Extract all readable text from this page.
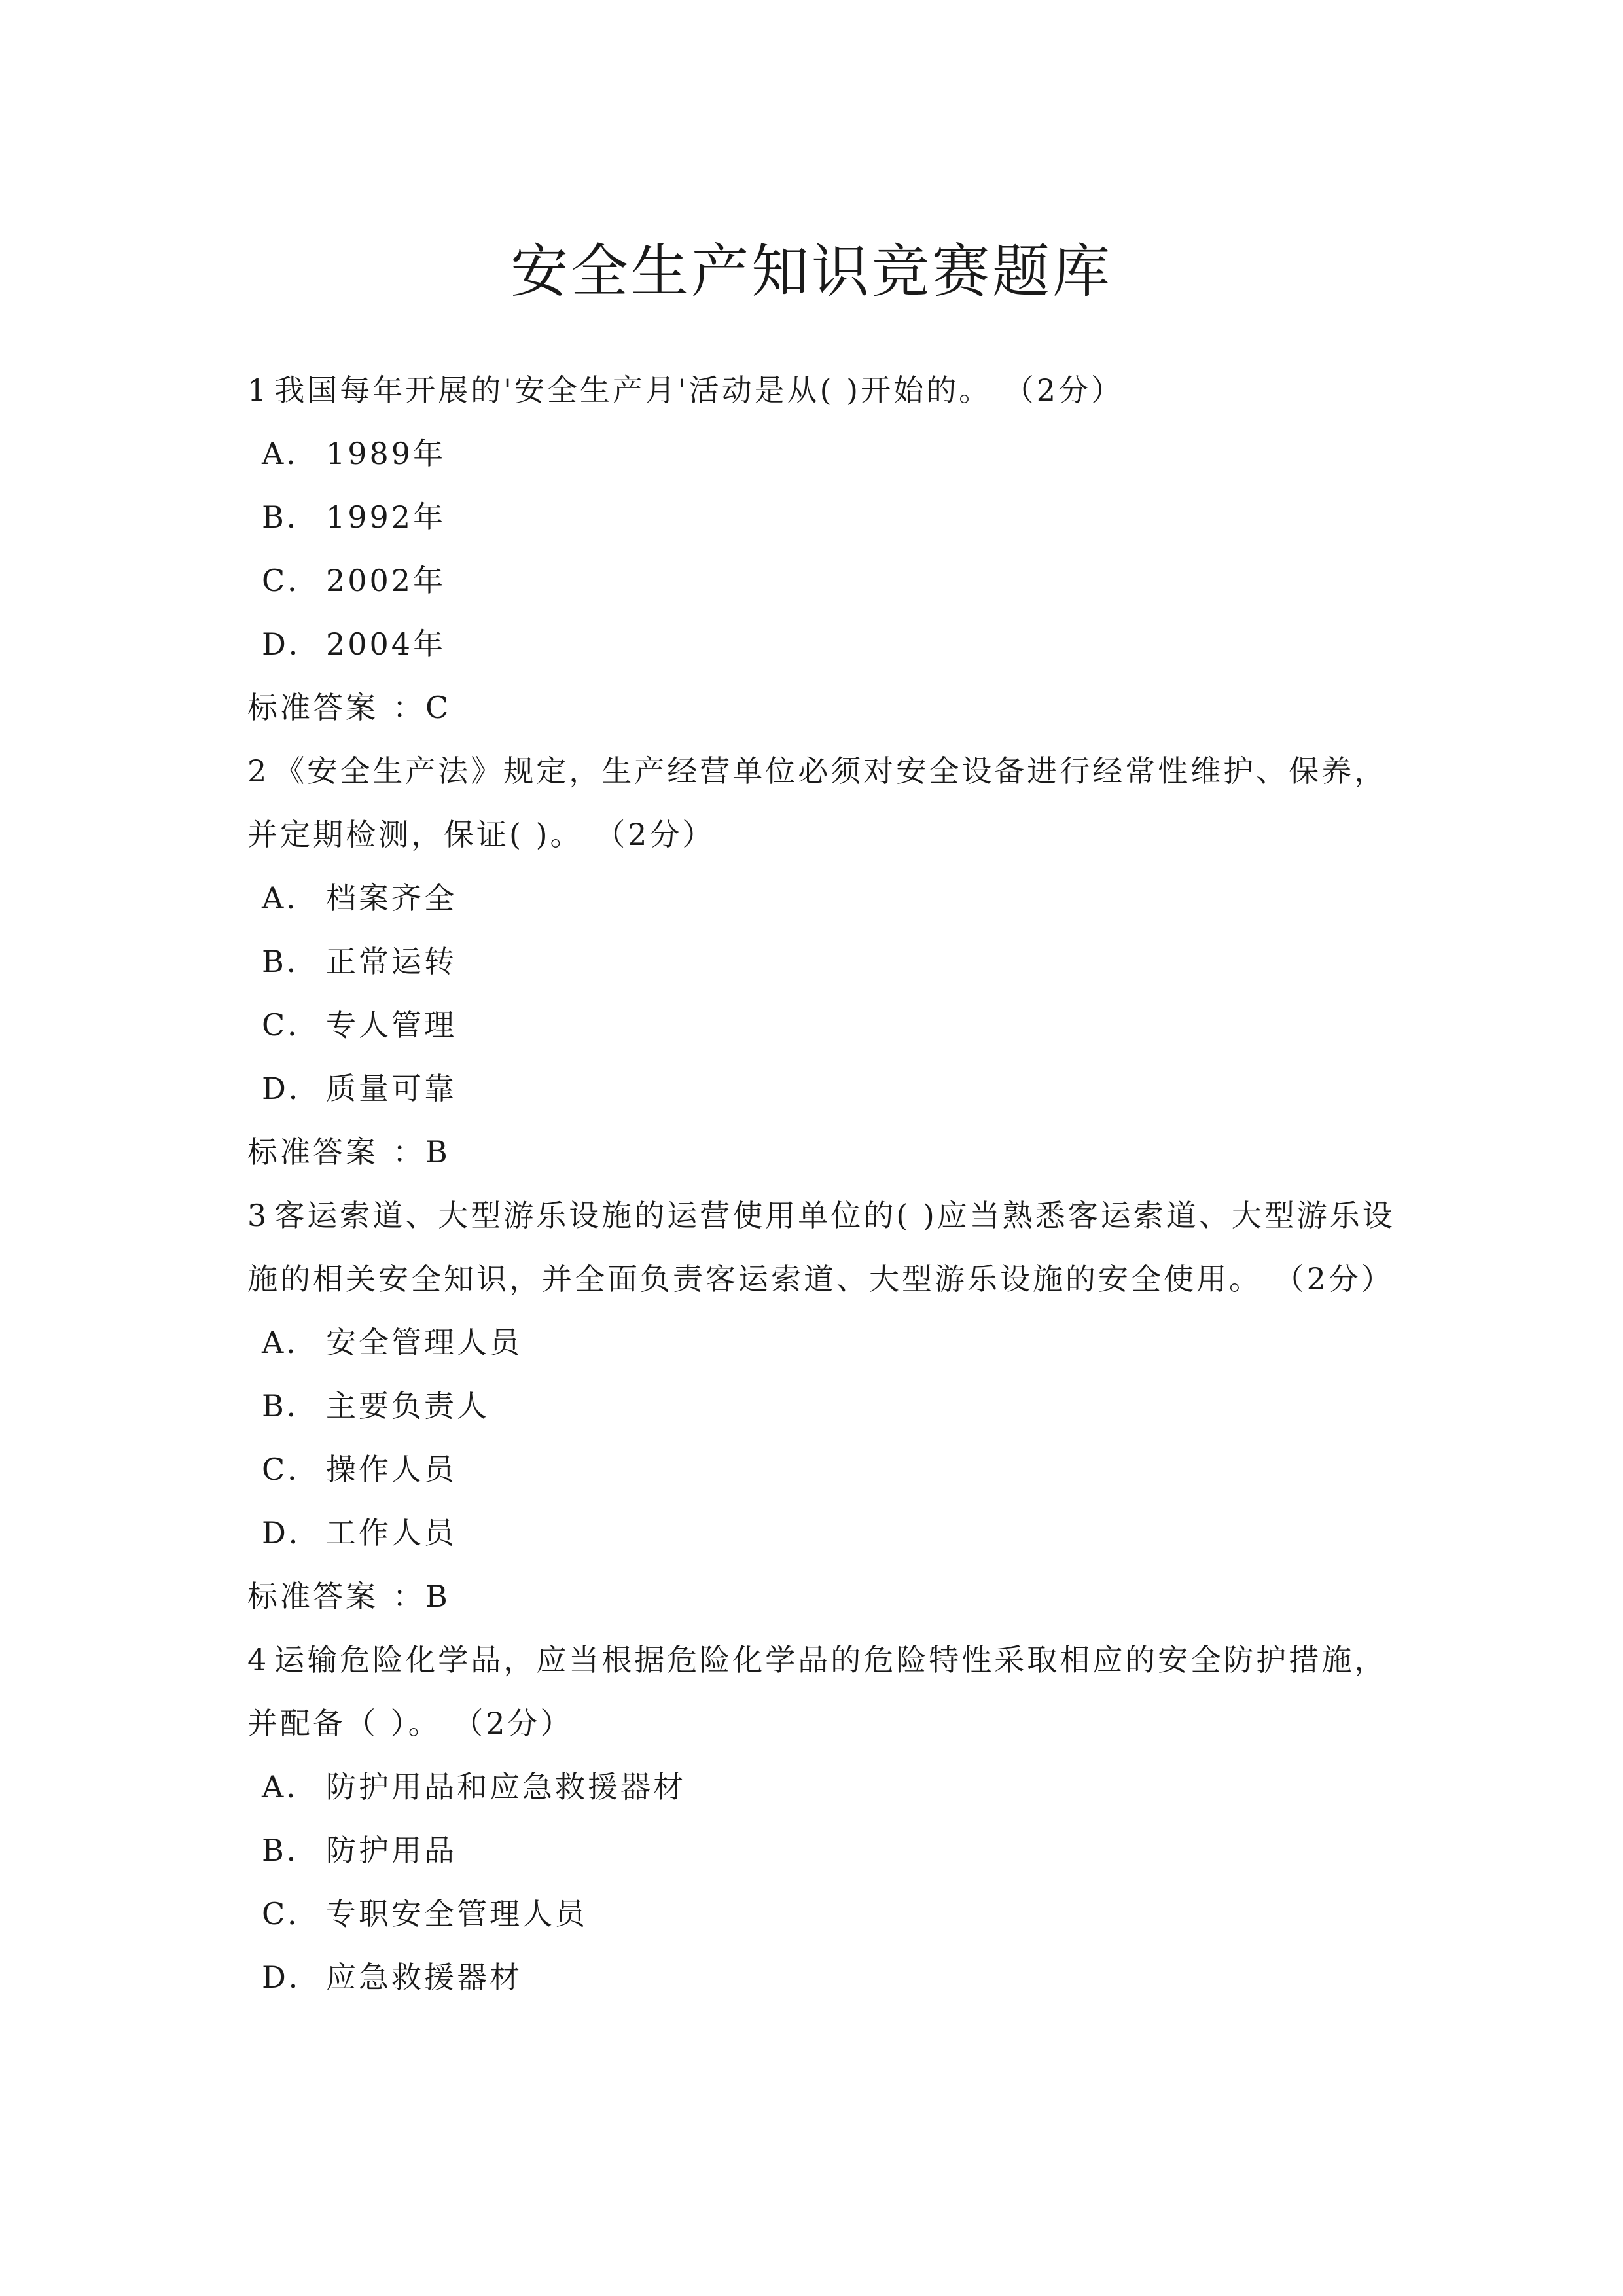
安全生产知识竞赛题库

1 我国每年开展的'安全生产月'活动是从( )开始的。 （2分）

A． 1989年

B． 1992年

C． 2002年

D． 2004年

标准答案 ：C

2 《安全生产法》规定，生产经营单位必须对安全设备进行经常性维护、保养，并定期检测，保证( )。 （2分）

A． 档案齐全

B． 正常运转

C． 专人管理

D． 质量可靠

标准答案 ：B

3 客运索道、大型游乐设施的运营使用单位的( )应当熟悉客运索道、大型游乐设施的相关安全知识，并全面负责客运索道、大型游乐设施的安全使用。 （2分）

A． 安全管理人员

B． 主要负责人

C． 操作人员

D． 工作人员

标准答案 ：B

4 运输危险化学品，应当根据危险化学品的危险特性采取相应的安全防护措施，并配备（ ）。 （2分）

A． 防护用品和应急救援器材

B． 防护用品

C． 专职安全管理人员

D． 应急救援器材
